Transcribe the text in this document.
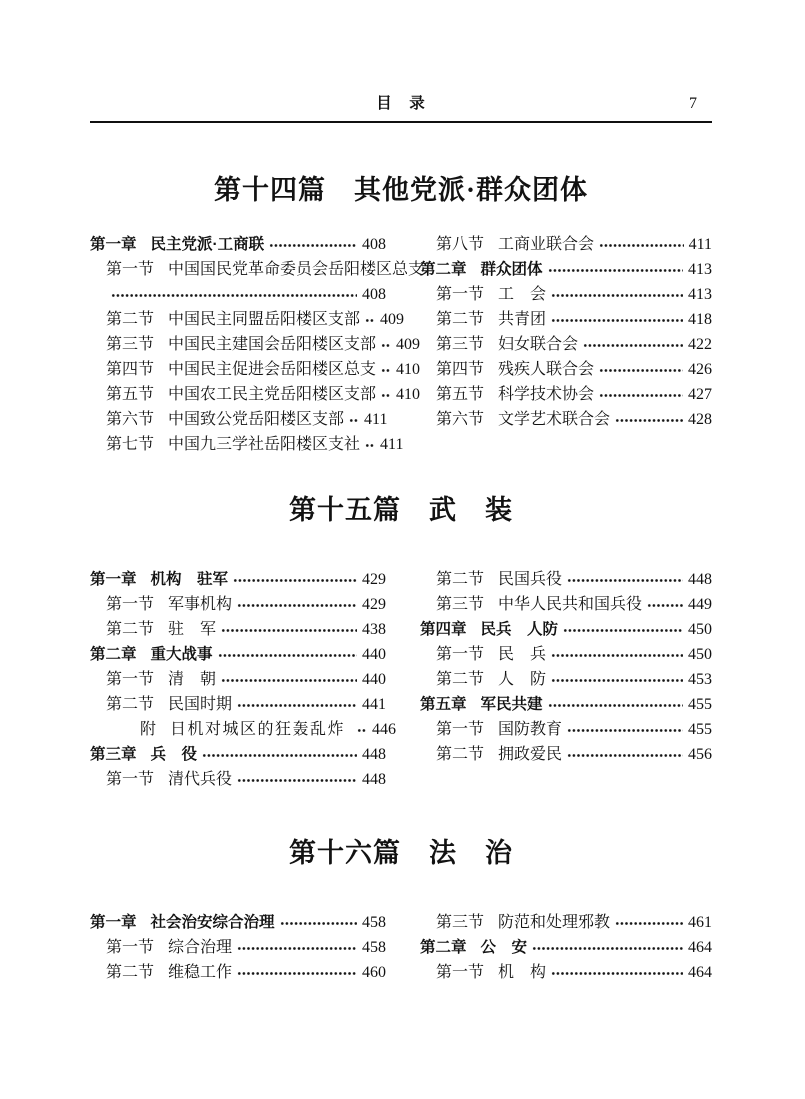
目　录	7
第十四篇　其他党派·群众团体
第一章 民主党派·工商联	408
第一节 中国国民党革命委员会岳阳楼区总支
408
第二节 中国民主同盟岳阳楼区支部 409
第三节 中国民主建国会岳阳楼区支部 409
第四节 中国民主促进会岳阳楼区总支 410
第五节 中国农工民主党岳阳楼区支部 410
第六节 中国致公党岳阳楼区支部 411
第七节 中国九三学社岳阳楼区支社 411
第八节 工商业联合会	411
第二章 群众团体	413
第一节 工　会	413
第二节 共青团	418
第三节 妇女联合会	422
第四节 残疾人联合会	426
第五节 科学技术协会	427
第六节 文学艺术联合会	428
第十五篇　武　装
第一章 机构　驻军	429
第一节 军事机构	429
第二节 驻　军	438
第二章 重大战事	440
第一节 清　朝	440
第二节 民国时期	441
附 日机对城区的狂轰乱炸 446
第三章 兵　役	448
第一节 清代兵役	448
第二节 民国兵役	448
第三节 中华人民共和国兵役	449
第四章 民兵　人防	450
第一节 民　兵	450
第二节 人　防	453
第五章 军民共建	455
第一节 国防教育	455
第二节 拥政爱民	456
第十六篇　法　治
第一章 社会治安综合治理	458
第一节 综合治理	458
第二节 维稳工作	460
第三节 防范和处理邪教	461
第二章 公　安	464
第一节 机　构	464
